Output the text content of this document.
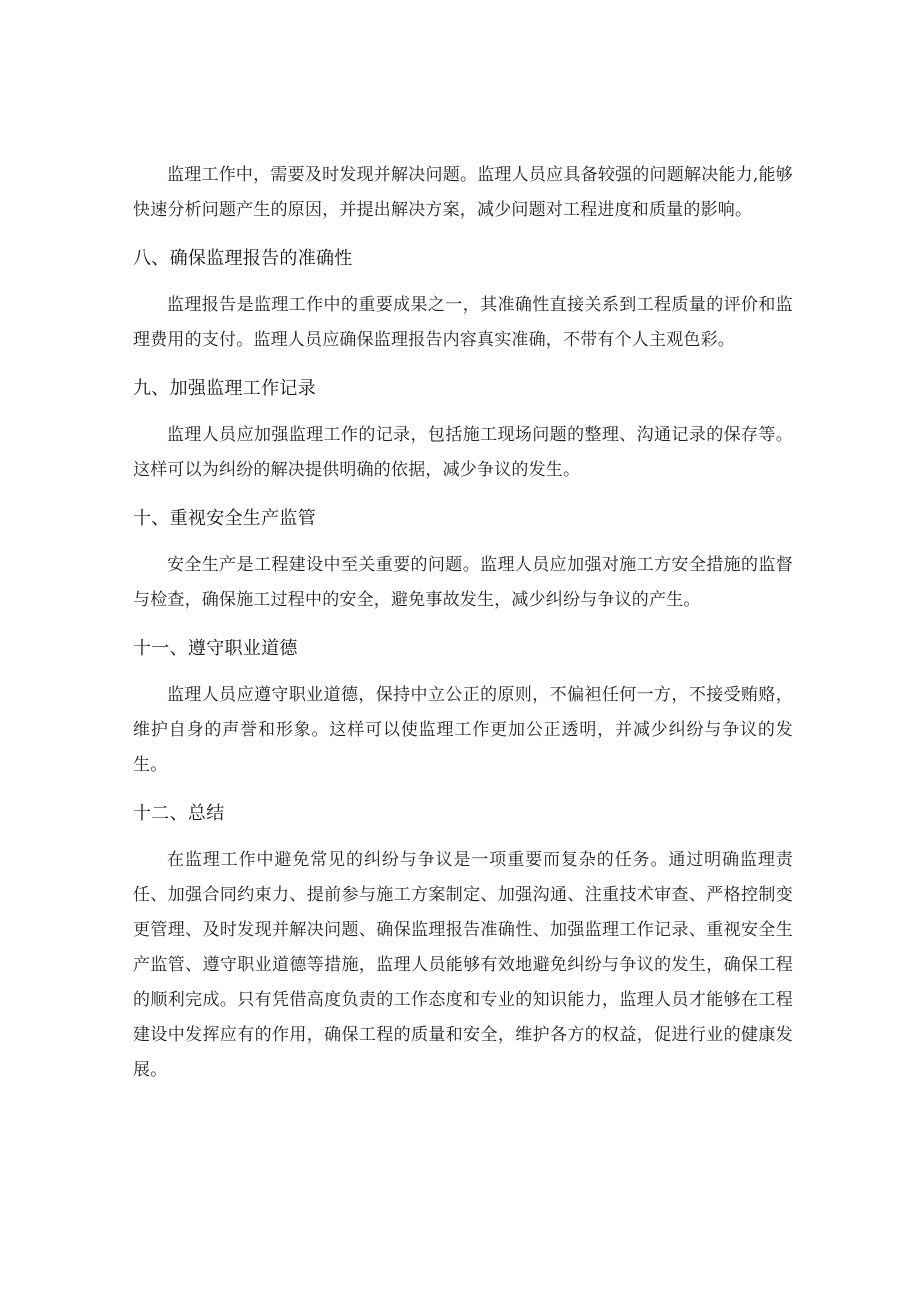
监理工作中，需要及时发现并解决问题。监理人员应具备较强的问题解决能力,能够快速分析问题产生的原因，并提出解决方案，减少问题对工程进度和质量的影响。

八、确保监理报告的准确性

监理报告是监理工作中的重要成果之一，其准确性直接关系到工程质量的评价和监理费用的支付。监理人员应确保监理报告内容真实准确，不带有个人主观色彩。

九、加强监理工作记录

监理人员应加强监理工作的记录，包括施工现场问题的整理、沟通记录的保存等。这样可以为纠纷的解决提供明确的依据，减少争议的发生。

十、重视安全生产监管

安全生产是工程建设中至关重要的问题。监理人员应加强对施工方安全措施的监督与检查，确保施工过程中的安全，避免事故发生，减少纠纷与争议的产生。

十一、遵守职业道德

监理人员应遵守职业道德，保持中立公正的原则，不偏袒任何一方，不接受贿赂，维护自身的声誉和形象。这样可以使监理工作更加公正透明，并减少纠纷与争议的发生。

十二、总结

在监理工作中避免常见的纠纷与争议是一项重要而复杂的任务。通过明确监理责任、加强合同约束力、提前参与施工方案制定、加强沟通、注重技术审查、严格控制变更管理、及时发现并解决问题、确保监理报告准确性、加强监理工作记录、重视安全生产监管、遵守职业道德等措施，监理人员能够有效地避免纠纷与争议的发生，确保工程的顺利完成。只有凭借高度负责的工作态度和专业的知识能力，监理人员才能够在工程建设中发挥应有的作用，确保工程的质量和安全，维护各方的权益，促进行业的健康发展。
